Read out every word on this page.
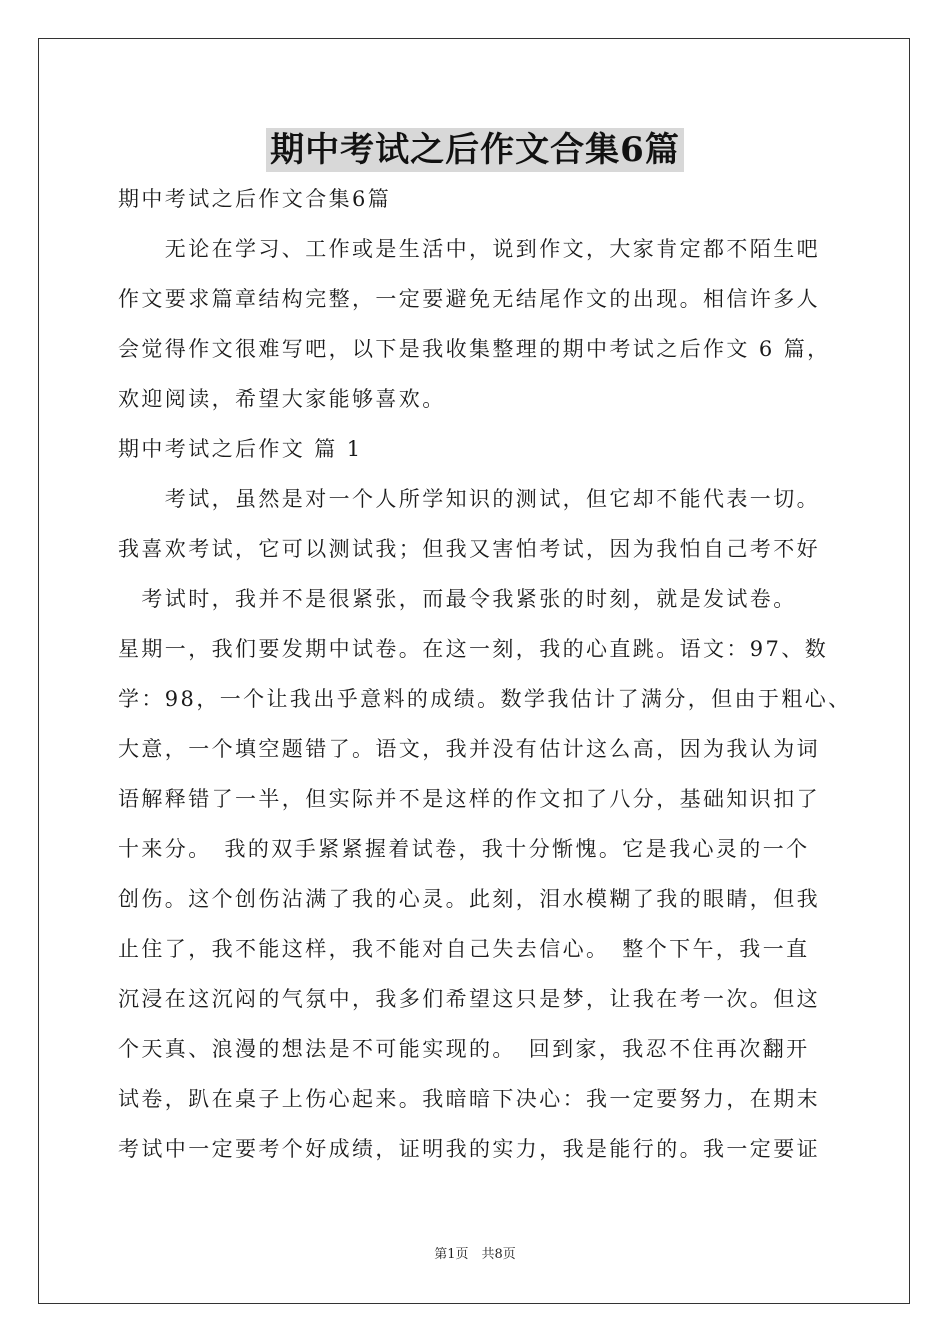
期中考试之后作文合集6篇

期中考试之后作文合集6篇

　　无论在学习、工作或是生活中，说到作文，大家肯定都不陌生吧

作文要求篇章结构完整，一定要避免无结尾作文的出现。相信许多人

会觉得作文很难写吧，以下是我收集整理的期中考试之后作文 6 篇，

欢迎阅读，希望大家能够喜欢。

期中考试之后作文 篇 1

　　考试，虽然是对一个人所学知识的测试，但它却不能代表一切。

我喜欢考试，它可以测试我；但我又害怕考试，因为我怕自己考不好

　考试时，我并不是很紧张，而最令我紧张的时刻，就是发试卷。

星期一，我们要发期中试卷。在这一刻，我的心直跳。语文：97、数

学：98，一个让我出乎意料的成绩。数学我估计了满分，但由于粗心、

大意，一个填空题错了。语文，我并没有估计这么高，因为我认为词

语解释错了一半，但实际并不是这样的作文扣了八分，基础知识扣了

十来分。　我的双手紧紧握着试卷，我十分惭愧。它是我心灵的一个

创伤。这个创伤沾满了我的心灵。此刻，泪水模糊了我的眼睛，但我

止住了，我不能这样，我不能对自己失去信心。　整个下午，我一直

沉浸在这沉闷的气氛中，我多们希望这只是梦，让我在考一次。但这

个天真、浪漫的想法是不可能实现的。　回到家，我忍不住再次翻开

试卷，趴在桌子上伤心起来。我暗暗下决心：我一定要努力，在期末

考试中一定要考个好成绩，证明我的实力，我是能行的。我一定要证

第1页　共8页
